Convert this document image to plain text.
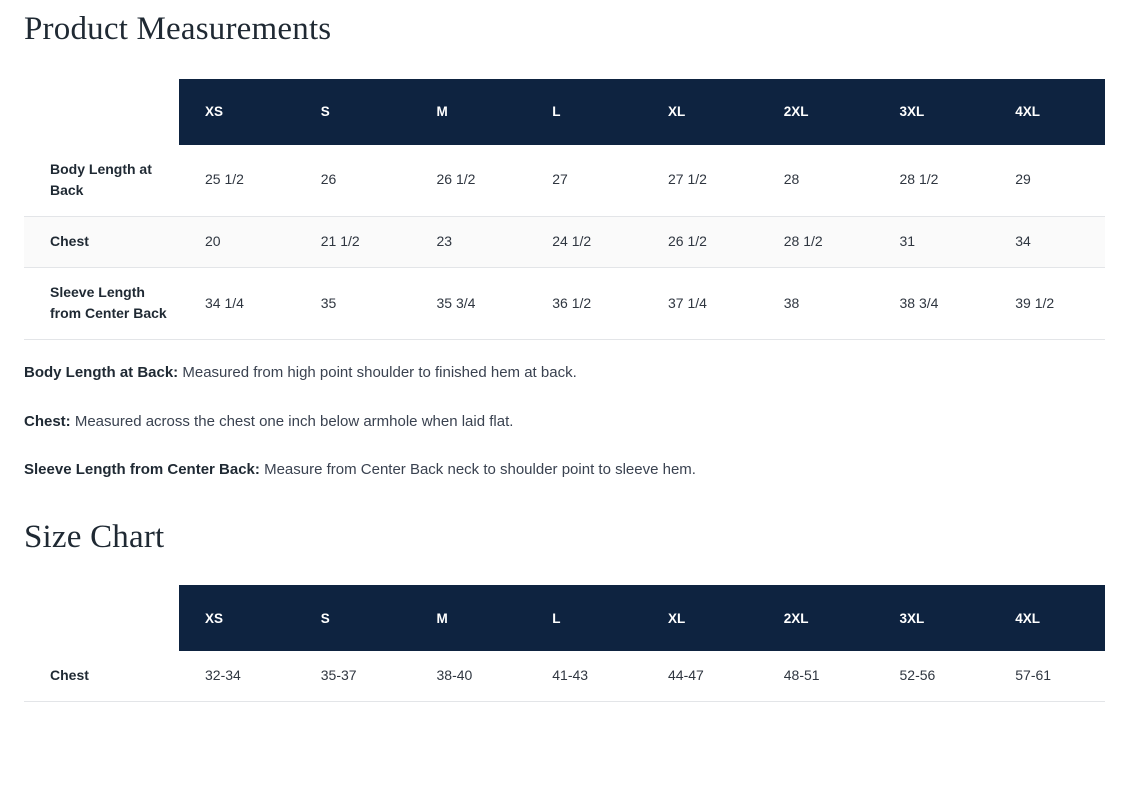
Product Measurements
	XS	S	M	L	XL	2XL	3XL	4XL
Body Length at Back	25 1/2	26	26 1/2	27	27 1/2	28	28 1/2	29
Chest	20	21 1/2	23	24 1/2	26 1/2	28 1/2	31	34
Sleeve Length from Center Back	34 1/4	35	35 3/4	36 1/2	37 1/4	38	38 3/4	39 1/2

Body Length at Back: Measured from high point shoulder to finished hem at back.

Chest: Measured across the chest one inch below armhole when laid flat.

Sleeve Length from Center Back: Measure from Center Back neck to shoulder point to sleeve hem.

Size Chart
	XS	S	M	L	XL	2XL	3XL	4XL
Chest	32-34	35-37	38-40	41-43	44-47	48-51	52-56	57-61
